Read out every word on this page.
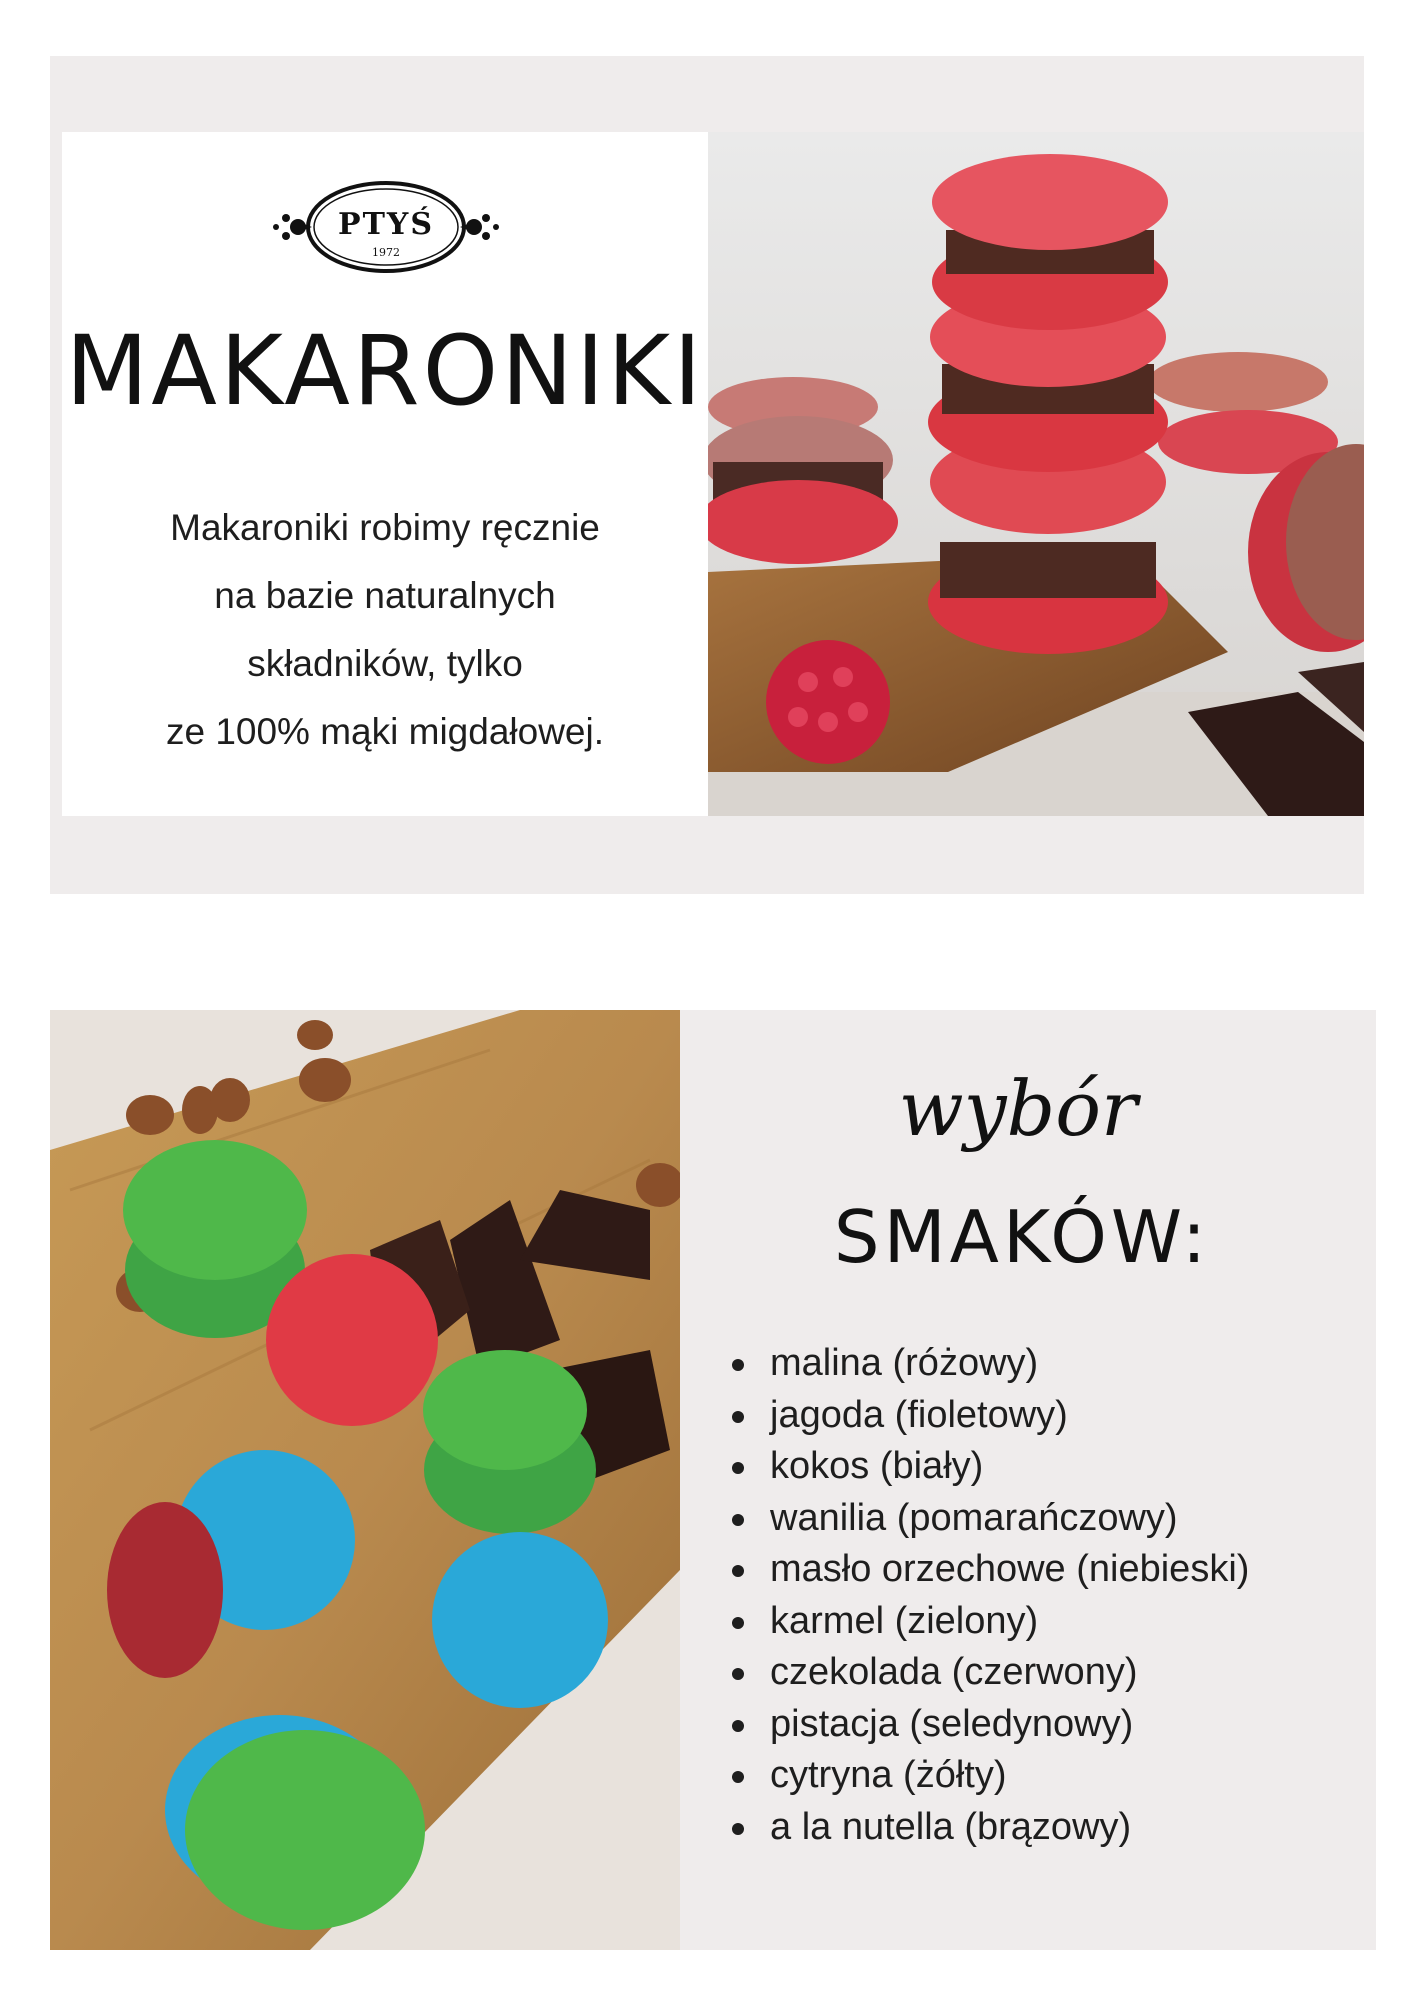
PTYŚ
1972
MAKARONIKI
Makaroniki robimy ręcznie
na bazie naturalnych
składników, tylko
ze 100% mąki migdałowej.
wybór
SMAKÓW:
malina (różowy)
jagoda (fioletowy)
kokos (biały)
wanilia (pomarańczowy)
masło orzechowe (niebieski)
karmel (zielony)
czekolada (czerwony)
pistacja (seledynowy)
cytryna (żółty)
a la nutella (brązowy)
